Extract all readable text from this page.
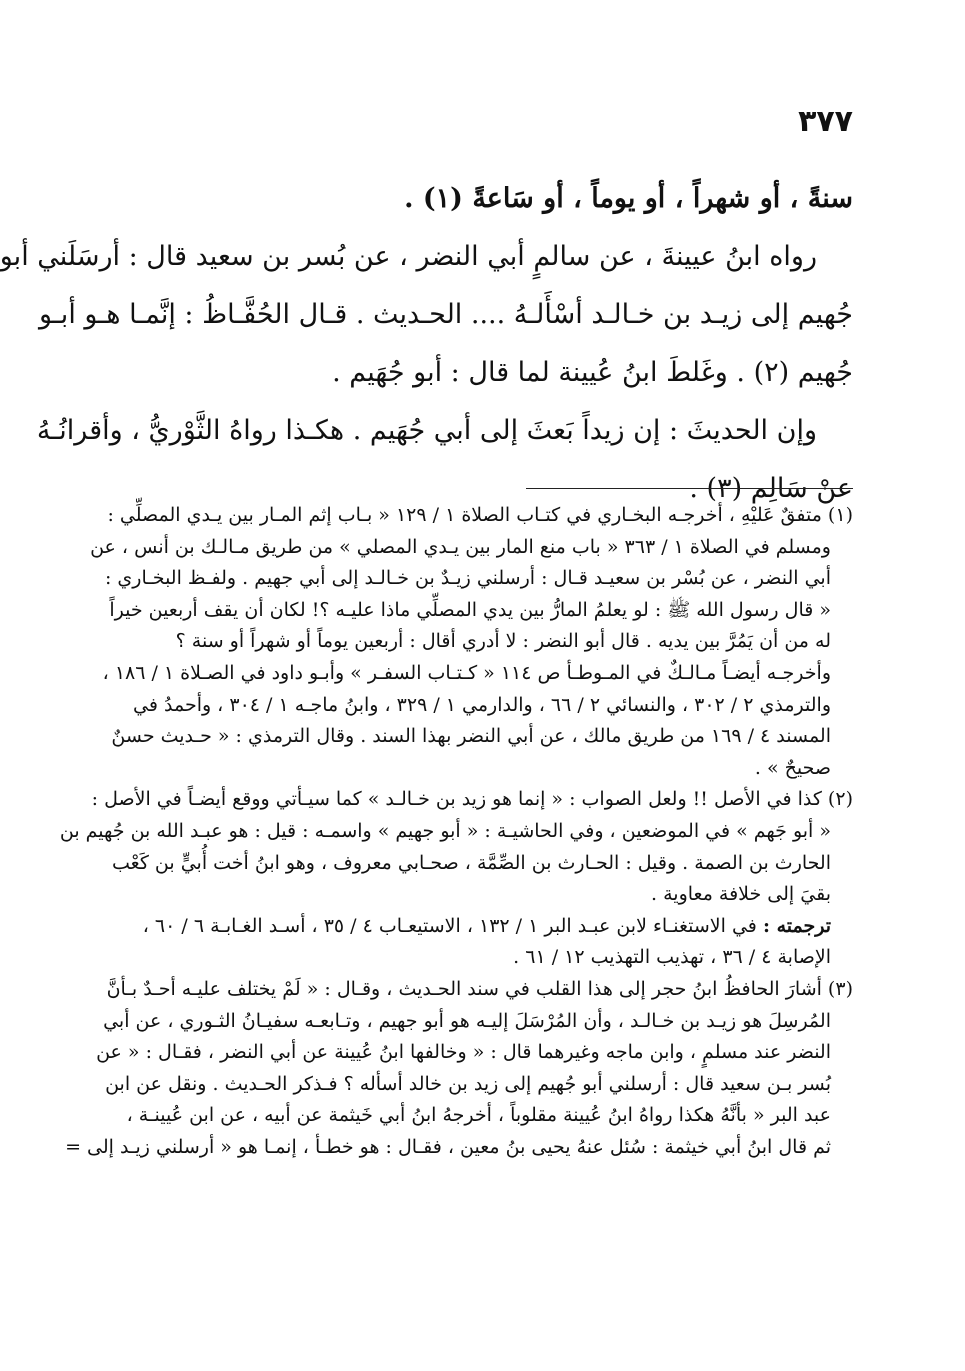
٣٧٧
سنةً ، أو شهراً ، أو يوماً ، أو سَاعةً (١) .
رواه ابنُ عيينةَ ، عن سالمٍ أبي النضر ، عن بُسر بن سعيد قال : أرسَلَني أبو
جُهيم إلى زيـد بن خـالـد أسْأَلـهُ .... الحـديث . قـال الحُفَّـاظُ : إنَّمـا هـو أبـو
جُهيم (٢) . وغَلطَ ابنُ عُيينة لما قال : أبو جُهَيم .
وإن الحديثَ : إن زيداً بَعثَ إلى أبي جُهَيم . هكـذا رواهُ الثَّوْريُّ ، وأقرانُـهُ
عنْ سَالِم (٣) .
(١) متفقٌ عَليْهِ ، أخرجـه البخـاري في كتـاب الصلاة ١ / ١٢٩ « بـاب إثم المـار بين يـدي المصلِّي :
ومسلم في الصلاة ١ / ٣٦٣ « باب منع المار بين يـدي المصلي » من طريق مـالـك بن أنس ، عن
أبي النضر ، عن بُسْر بن سعيـد قـال : أرسلني زيـدٌ بن خـالـد إلى أبي جهيم . ولفـظ البخـاري :
« قال رسول الله ﷺ : لو يعلمُ المارُّ بين يدي المصلِّي ماذا عليـه ؟! لكان أن يقف أربعين خيراً
له من أن يَمُرَّ بين يديه . قال أبو النضر : لا أدري أقال : أربعين يوماً أو شهراً أو سنة ؟
وأخرجـه أيضـاً مـالـكٌ في المـوطـأ ص ١١٤ « كـتـاب السفـر » وأبـو داود في الصـلاة ١ / ١٨٦ ،
والترمذي ٢ / ٣٠٢ ، والنسائي ٢ / ٦٦ ، والدارمي ١ / ٣٢٩ ، وابنُ ماجـه ١ / ٣٠٤ ، وأحمدُ في
المسند ٤ / ١٦٩ من طريق مالك ، عن أبي النضر بهذا السند . وقال الترمذي : « حـديث حسنٌ
صحيحٌ » .
(٢) كذا في الأصل !! ولعل الصواب : « إنما هو زيد بن خـالـد » كما سيـأتي ووقع أيضـاً في الأصل :
« أبو جَهم » في الموضعين ، وفي الحاشيـة : « أبو جهيم » واسمـه : قيل : هو عبـد الله بن جُهيم بن
الحارث بن الصمة . وقيل : الحـارث بن الصِّمَّة ، صحـابي معروف ، وهو ابنُ أخت أُبيٍّ بن كَعْب
بقيَ إلى خلافة معاوية .
ترجمته : في الاستغنـاء لابن عبـد البر ١ / ١٣٢ ، الاستيعـاب ٤ / ٣٥ ، أسـد الغـابـة ٦ / ٦٠ ،
الإصابة ٤ / ٣٦ ، تهذيب التهذيب ١٢ / ٦١ .
(٣) أشارَ الحافظُ ابنُ حجر إلى هذا القلب في سند الحـديث ، وقـال : « لَمْ يختلف عليـه أحـدٌ بـأنَّ
المُرسِلَ هو زيـد بن خـالـد ، وأن المُرْسَلَ إليـه هو أبو جهيم ، وتـابعـه سفيـانُ الثـوري ، عن أبي
النضر عند مسلمٍ ، وابن ماجه وغيرهما قال : « وخالفها ابنُ عُيينة عن أبي النضر ، فقـال : « عن
بُسر بـن سعيد قال : أرسلني أبو جُهيم إلى زيد بن خالد أسأله ؟ فـذكر الحـديث . ونقل عن ابن
عبد البر « بأنَّهُ هكذا رواهُ ابنُ عُيينة مقلوباً ، أخرجهُ ابنُ أبي خَيثمة عن أبيه ، عن ابن عُيينـة ،
ثم قال ابنُ أبي خيثمة : سُئل عنهُ يحيى بنُ معين ، فقـال : هو خطـأ ، إنمـا هو « أرسلني زيـد إلى =
